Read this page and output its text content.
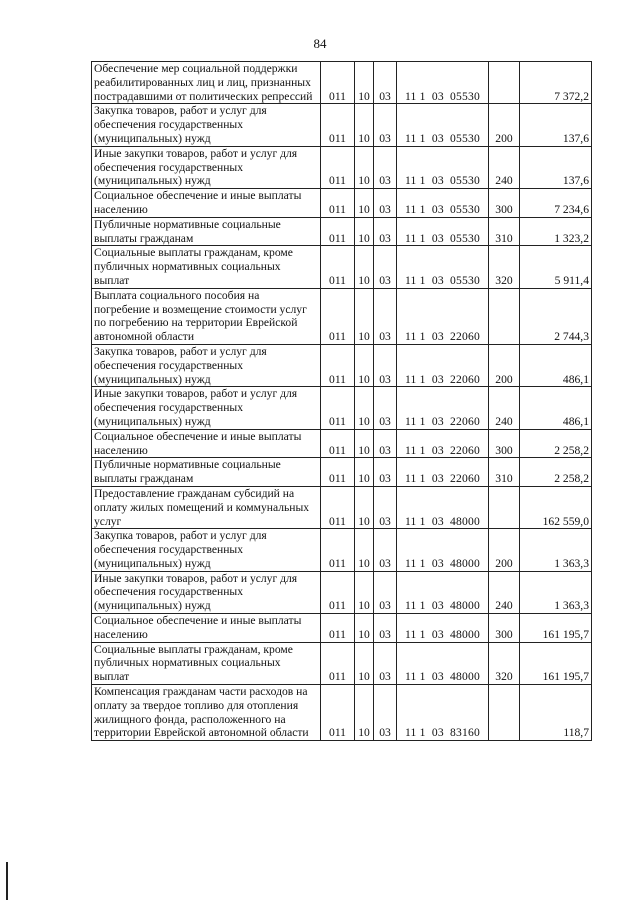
84
Обеспечение мер социальной поддержки реабилитированных лиц и лиц, признанных пострадавшими от политических репрессий	011	10	03	11 1  03  05530		7 372,2
Закупка товаров, работ и услуг для обеспечения государственных (муниципальных) нужд	011	10	03	11 1  03  05530	200	137,6
Иные закупки товаров, работ и услуг для обеспечения государственных (муниципальных) нужд	011	10	03	11 1  03  05530	240	137,6
Социальное обеспечение и иные выплаты населению	011	10	03	11 1  03  05530	300	7 234,6
Публичные нормативные социальные выплаты гражданам	011	10	03	11 1  03  05530	310	1 323,2
Социальные выплаты гражданам, кроме публичных нормативных социальных выплат	011	10	03	11 1  03  05530	320	5 911,4
Выплата социального пособия на погребение и возмещение стоимости услуг по погребению на территории Еврейской автономной области	011	10	03	11 1  03  22060		2 744,3
Закупка товаров, работ и услуг для обеспечения государственных (муниципальных) нужд	011	10	03	11 1  03  22060	200	486,1
Иные закупки товаров, работ и услуг для обеспечения государственных (муниципальных) нужд	011	10	03	11 1  03  22060	240	486,1
Социальное обеспечение и иные выплаты населению	011	10	03	11 1  03  22060	300	2 258,2
Публичные нормативные социальные выплаты гражданам	011	10	03	11 1  03  22060	310	2 258,2
Предоставление гражданам субсидий на оплату жилых помещений и коммунальных услуг	011	10	03	11 1  03  48000		162 559,0
Закупка товаров, работ и услуг для обеспечения государственных (муниципальных) нужд	011	10	03	11 1  03  48000	200	1 363,3
Иные закупки товаров, работ и услуг для обеспечения государственных (муниципальных) нужд	011	10	03	11 1  03  48000	240	1 363,3
Социальное обеспечение и иные выплаты населению	011	10	03	11 1  03  48000	300	161 195,7
Социальные выплаты гражданам, кроме публичных нормативных социальных выплат	011	10	03	11 1  03  48000	320	161 195,7
Компенсация гражданам части расходов на оплату за твердое топливо для отопления жилищного фонда, расположенного на территории Еврейской автономной области	011	10	03	11 1  03  83160		118,7
